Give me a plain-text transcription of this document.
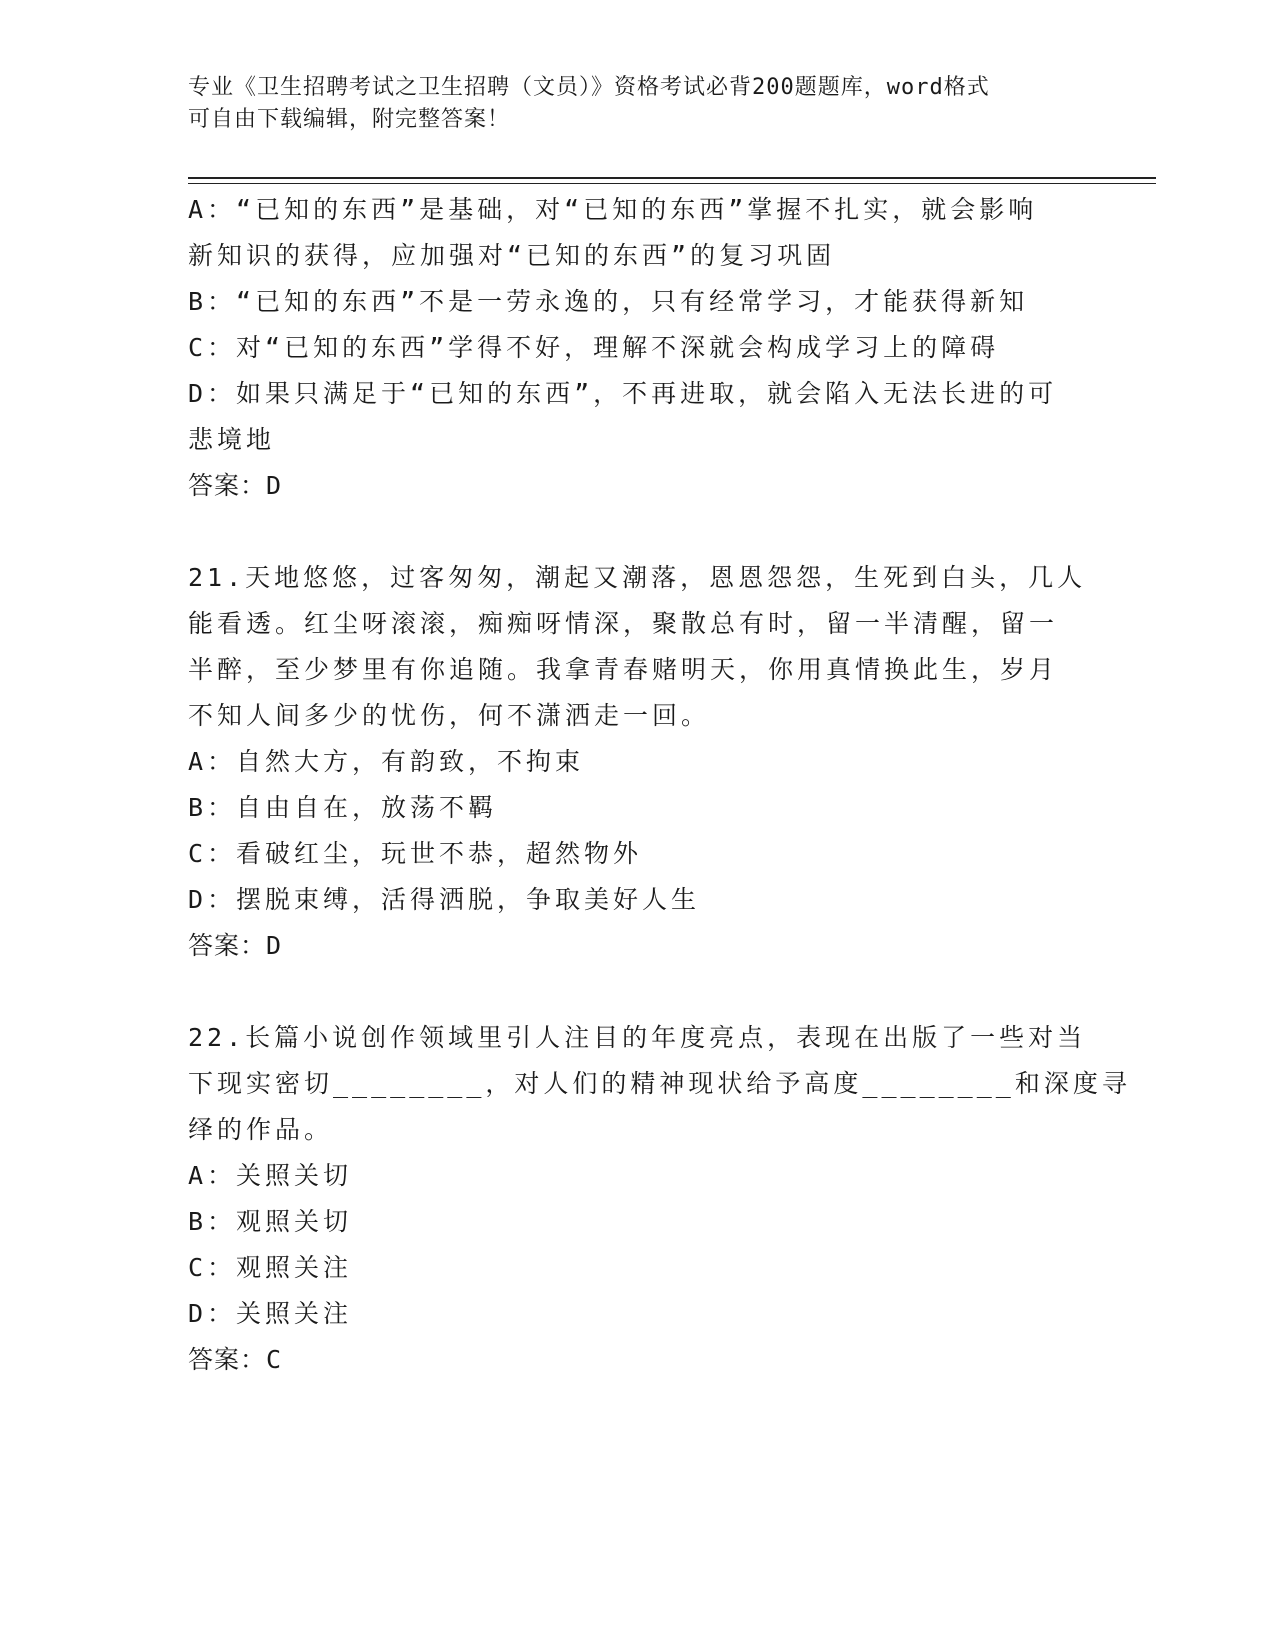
专业《卫生招聘考试之卫生招聘（文员）》资格考试必背200题题库，word格式
可自由下载编辑，附完整答案！
A：“已知的东西”是基础，对“已知的东西”掌握不扎实，就会影响
新知识的获得，应加强对“已知的东西”的复习巩固
B：“已知的东西”不是一劳永逸的，只有经常学习，才能获得新知
C：对“已知的东西”学得不好，理解不深就会构成学习上的障碍
D：如果只满足于“已知的东西”，不再进取，就会陷入无法长进的可
悲境地
答案：D
21.天地悠悠，过客匆匆，潮起又潮落，恩恩怨怨，生死到白头，几人
能看透。红尘呀滚滚，痴痴呀情深，聚散总有时，留一半清醒，留一
半醉，至少梦里有你追随。我拿青春赌明天，你用真情换此生，岁月
不知人间多少的忧伤，何不潇洒走一回。
A：自然大方，有韵致，不拘束
B：自由自在，放荡不羁
C：看破红尘，玩世不恭，超然物外
D：摆脱束缚，活得洒脱，争取美好人生
答案：D
22.长篇小说创作领域里引人注目的年度亮点，表现在出版了一些对当
下现实密切________，对人们的精神现状给予高度________和深度寻
绎的作品。
A：关照关切
B：观照关切
C：观照关注
D：关照关注
答案：C
